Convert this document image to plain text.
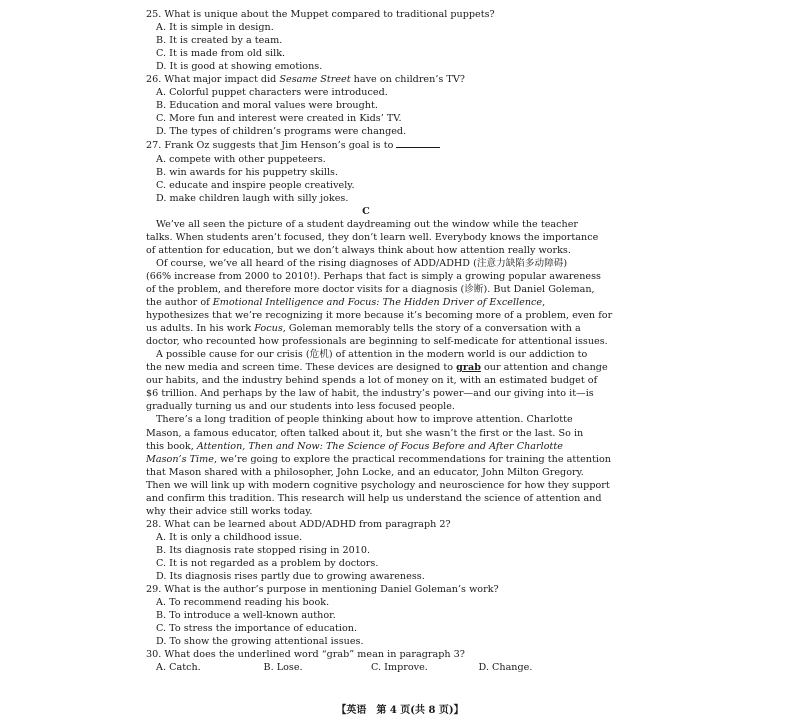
25. What is unique about the Muppet compared to traditional puppets?
A. It is simple in design.
B. It is created by a team.
C. It is made from old silk.
D. It is good at showing emotions.
26. What major impact did Sesame Street have on children’s TV?
A. Colorful puppet characters were introduced.
B. Education and moral values were brought.
C. More fun and interest were created in Kids’ TV.
D. The types of children’s programs were changed.
27. Frank Oz suggests that Jim Henson’s goal is to
A. compete with other puppeteers.
B. win awards for his puppetry skills.
C. educate and inspire people creatively.
D. make children laugh with silly jokes.
C
We’ve all seen the picture of a student daydreaming out the window while the teacher
talks. When students aren’t focused, they don’t learn well. Everybody knows the importance
of attention for education, but we don’t always think about how attention really works.
Of course, we’ve all heard of the rising diagnoses of ADD/ADHD (注意力缺陷多动障碍)
(66% increase from 2000 to 2010!). Perhaps that fact is simply a growing popular awareness
of the problem, and therefore more doctor visits for a diagnosis (诊断). But Daniel Goleman,
the author of Emotional Intelligence and Focus: The Hidden Driver of Excellence,
hypothesizes that we’re recognizing it more because it’s becoming more of a problem, even for
us adults. In his work Focus, Goleman memorably tells the story of a conversation with a
doctor, who recounted how professionals are beginning to self-medicate for attentional issues.
A possible cause for our crisis (危机) of attention in the modern world is our addiction to
the new media and screen time. These devices are designed to grab our attention and change
our habits, and the industry behind spends a lot of money on it, with an estimated budget of
$6 trillion. And perhaps by the law of habit, the industry’s power—and our giving into it—is
gradually turning us and our students into less focused people.
There’s a long tradition of people thinking about how to improve attention. Charlotte
Mason, a famous educator, often talked about it, but she wasn’t the first or the last. So in
this book, Attention, Then and Now: The Science of Focus Before and After Charlotte
Mason’s Time, we’re going to explore the practical recommendations for training the attention
that Mason shared with a philosopher, John Locke, and an educator, John Milton Gregory.
Then we will link up with modern cognitive psychology and neuroscience for how they support
and confirm this tradition. This research will help us understand the science of attention and
why their advice still works today.
28. What can be learned about ADD/ADHD from paragraph 2?
A. It is only a childhood issue.
B. Its diagnosis rate stopped rising in 2010.
C. It is not regarded as a problem by doctors.
D. Its diagnosis rises partly due to growing awareness.
29. What is the author’s purpose in mentioning Daniel Goleman’s work?
A. To recommend reading his book.
B. To introduce a well-known author.
C. To stress the importance of education.
D. To show the growing attentional issues.
30. What does the underlined word “grab” mean in paragraph 3?
A. Catch.	B. Lose.	C. Improve.	D. Change.
【英语　第 4 页(共 8 页)】
